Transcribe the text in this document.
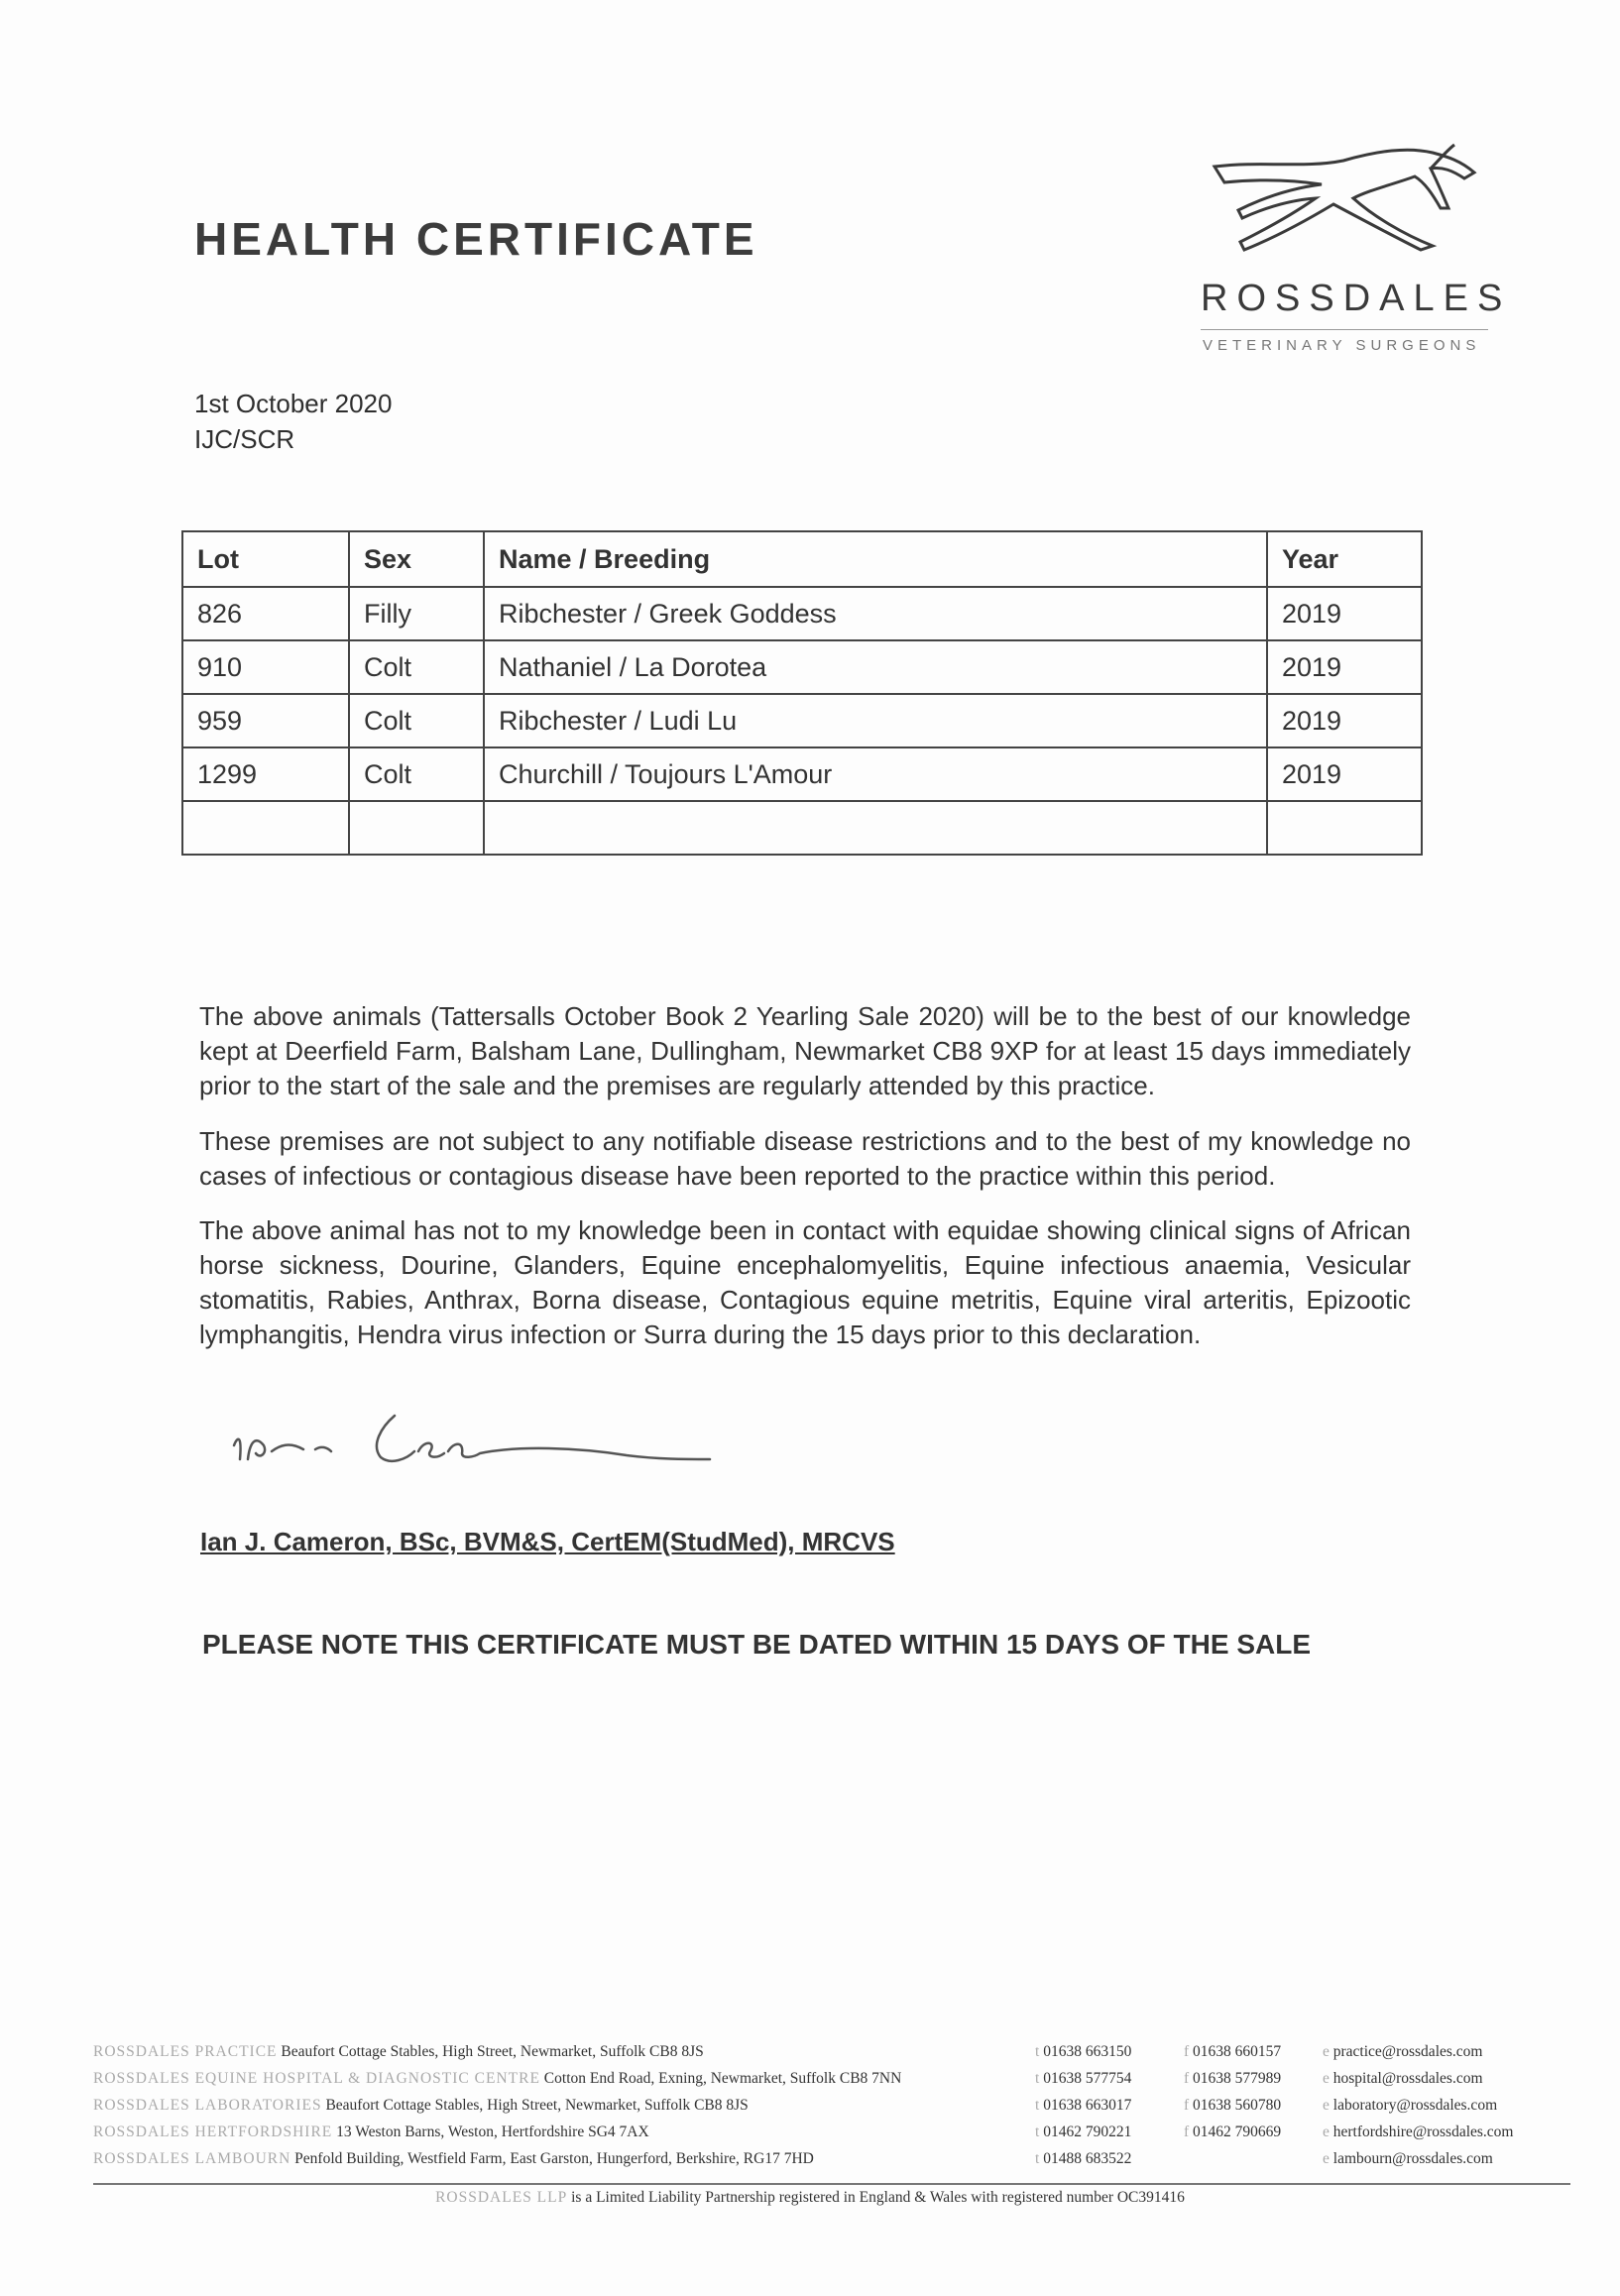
HEALTH CERTIFICATE
ROSSDALES
VETERINARY SURGEONS
1st October 2020
IJC/SCR
Lot	Sex	Name / Breeding	Year
826	Filly	Ribchester / Greek Goddess	2019
910	Colt	Nathaniel / La Dorotea	2019
959	Colt	Ribchester / Ludi Lu	2019
1299	Colt	Churchill / Toujours L'Amour	2019

The above animals (Tattersalls October Book 2 Yearling Sale 2020) will be to the best of our knowledge kept at Deerfield Farm, Balsham Lane, Dullingham, Newmarket CB8 9XP for at least 15 days immediately prior to the start of the sale and the premises are regularly attended by this practice.

These premises are not subject to any notifiable disease restrictions and to the best of my knowledge no cases of infectious or contagious disease have been reported to the practice within this period.

The above animal has not to my knowledge been in contact with equidae showing clinical signs of African horse sickness, Dourine, Glanders, Equine encephalomyelitis, Equine infectious anaemia, Vesicular stomatitis, Rabies, Anthrax, Borna disease, Contagious equine metritis, Equine viral arteritis, Epizootic lymphangitis, Hendra virus infection or Surra during the 15 days prior to this declaration.

Ian J. Cameron, BSc, BVM&S, CertEM(StudMed), MRCVS
PLEASE NOTE THIS CERTIFICATE MUST BE DATED WITHIN 15 DAYS OF THE SALE
ROSSDALES PRACTICE Beaufort Cottage Stables, High Street, Newmarket, Suffolk CB8 8JS	t 01638 663150	f 01638 660157	e practice@rossdales.com
ROSSDALES EQUINE HOSPITAL & DIAGNOSTIC CENTRE Cotton End Road, Exning, Newmarket, Suffolk CB8 7NN	t 01638 577754	f 01638 577989	e hospital@rossdales.com
ROSSDALES LABORATORIES Beaufort Cottage Stables, High Street, Newmarket, Suffolk CB8 8JS	t 01638 663017	f 01638 560780	e laboratory@rossdales.com
ROSSDALES HERTFORDSHIRE 13 Weston Barns, Weston, Hertfordshire SG4 7AX	t 01462 790221	f 01462 790669	e hertfordshire@rossdales.com
ROSSDALES LAMBOURN Penfold Building, Westfield Farm, East Garston, Hungerford, Berkshire, RG17 7HD	t 01488 683522	e lambourn@rossdales.com
ROSSDALES LLP is a Limited Liability Partnership registered in England & Wales with registered number OC391416
